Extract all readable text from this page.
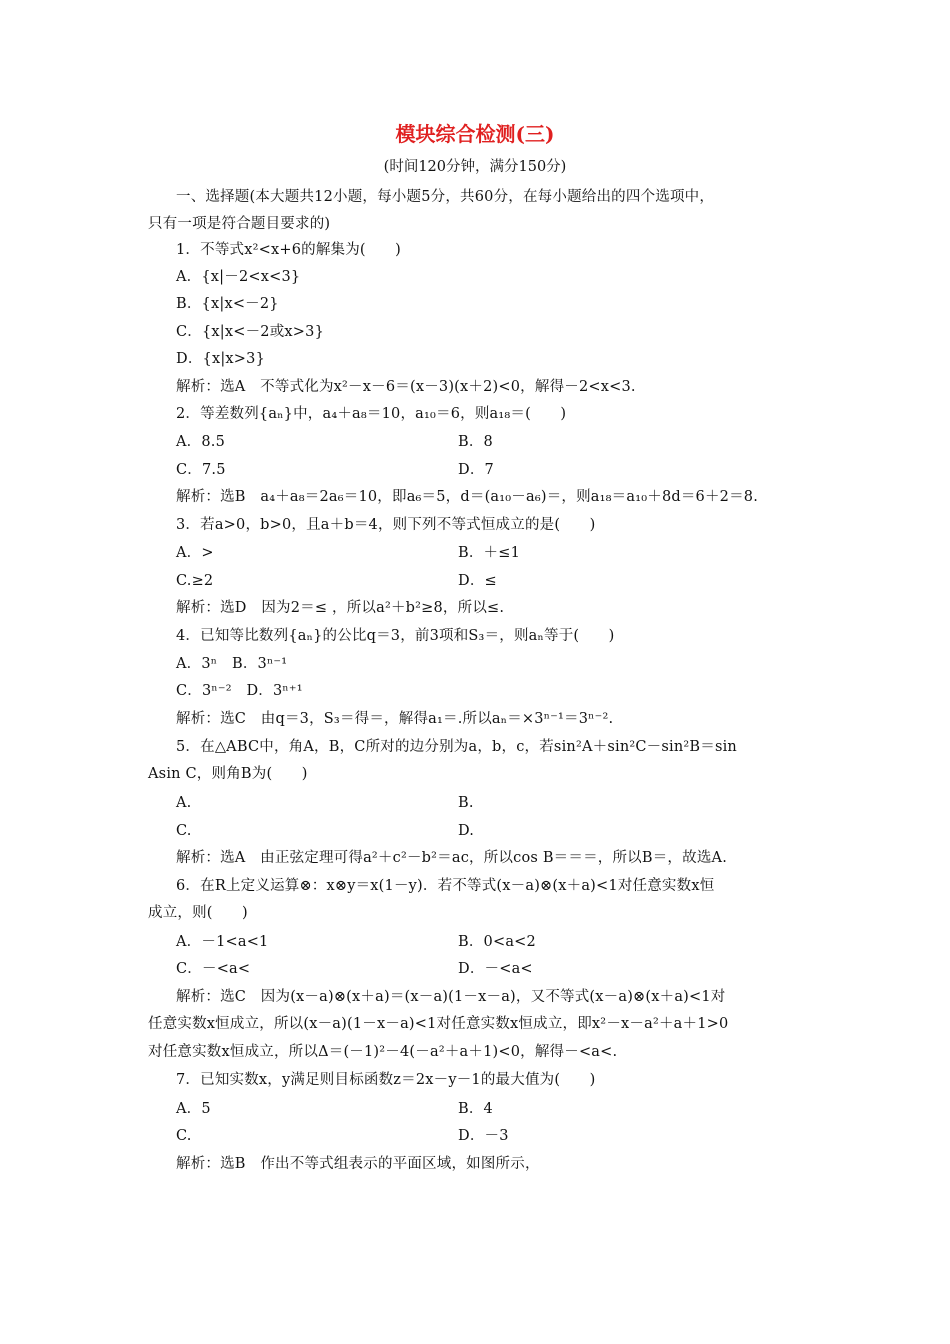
模块综合检测(三)
(时间120分钟，满分150分)
一、选择题(本大题共12小题，每小题5分，共60分，在每小题给出的四个选项中，
只有一项是符合题目要求的)
1．不等式x²<x+6的解集为(　　)
A．{x|－2<x<3}
B．{x|x<－2}
C．{x|x<－2或x>3}
D．{x|x>3}
解析：选A　不等式化为x²－x－6＝(x－3)(x＋2)<0，解得－2<x<3.
2．等差数列{aₙ}中，a₄＋a₈＝10，a₁₀＝6，则a₁₈＝(　　)
A．8.5	B．8
C．7.5	D．7
解析：选B　a₄＋a₈＝2a₆＝10，即a₆＝5，d＝(a₁₀－a₆)＝，则a₁₈＝a₁₀＋8d＝6＋2＝8.
3．若a>0，b>0，且a＋b＝4，则下列不等式恒成立的是(　　)
A．>	B．＋≤1
C.≥2	D．≤
解析：选D　因为2＝≤ ，所以a²＋b²≥8，所以≤.
4．已知等比数列{aₙ}的公比q＝3，前3项和S₃＝，则aₙ等于(　　)
A．3ⁿ　B．3ⁿ⁻¹
C．3ⁿ⁻²　D．3ⁿ⁺¹
解析：选C　由q＝3，S₃＝得＝，解得a₁＝.所以aₙ＝×3ⁿ⁻¹＝3ⁿ⁻².
5．在△ABC中，角A，B，C所对的边分别为a，b，c，若sin²A＋sin²C－sin²B＝sin
Asin C，则角B为(　　)
A.	B.
C.	D.
解析：选A　由正弦定理可得a²＋c²－b²＝ac，所以cos B＝＝＝，所以B＝，故选A.
6．在R上定义运算⊗：x⊗y＝x(1－y)．若不等式(x－a)⊗(x＋a)<1对任意实数x恒
成立，则(　　)
A．－1<a<1	B．0<a<2
C．－<a<	D．－<a<
解析：选C　因为(x－a)⊗(x＋a)＝(x－a)(1－x－a)，又不等式(x－a)⊗(x＋a)<1对
任意实数x恒成立，所以(x－a)(1－x－a)<1对任意实数x恒成立，即x²－x－a²＋a＋1>0
对任意实数x恒成立，所以Δ＝(－1)²－4(－a²＋a＋1)<0，解得－<a<.
7．已知实数x，y满足则目标函数z＝2x－y－1的最大值为(　　)
A．5	B．4
C.	D．－3
解析：选B　作出不等式组表示的平面区域，如图所示，
